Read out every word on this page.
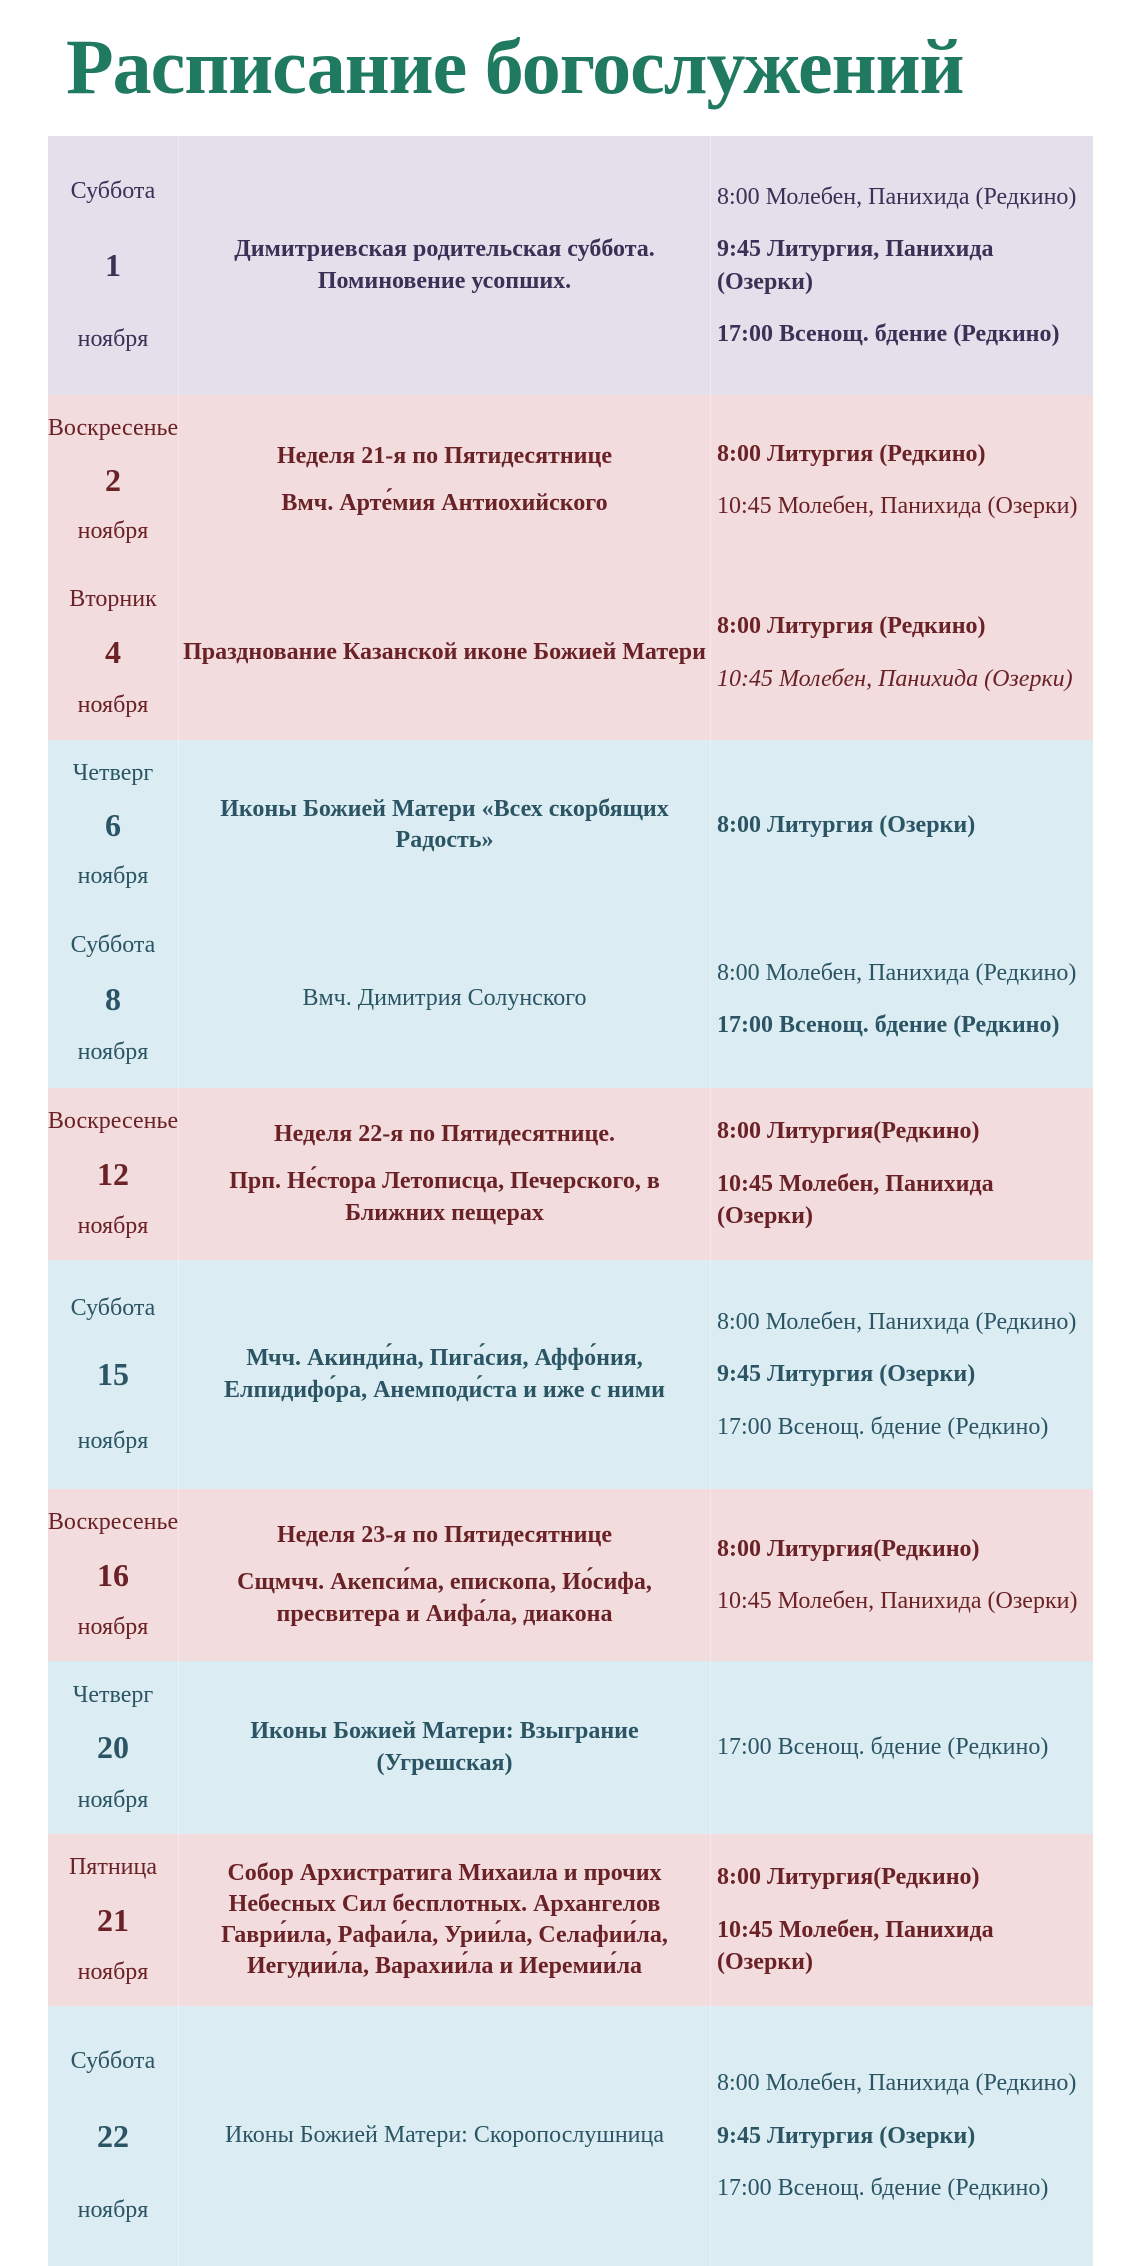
Расписание богослужений
Суббота
1
ноября

Димитриевская родительская суббота. Поминовение усопших.

8:00 Молебен, Панихида (Редкино)

9:45 Литургия, Панихида (Озерки)

17:00 Всенощ. бдение (Редкино)

Воскресенье
2
ноября

Неделя 21-я по Пятидесятнице

Вмч. Арте́мия Антиохийского

8:00 Литургия (Редкино)

10:45 Молебен, Панихида (Озерки)

Вторник
4
ноября

Празднование Казанской иконе Божией Матери

8:00 Литургия (Редкино)

10:45 Молебен, Панихида (Озерки)

Четверг
6
ноября

Иконы Божией Матери «Всех скорбящих Радость»

8:00 Литургия (Озерки)

Суббота
8
ноября

Вмч. Димитрия Солунского

8:00 Молебен, Панихида (Редкино)

17:00 Всенощ. бдение (Редкино)

Воскресенье
12
ноября

Неделя 22-я по Пятидесятнице.

Прп. Не́стора Летописца, Печерского, в Ближних пещерах

8:00 Литургия(Редкино)

10:45 Молебен, Панихида (Озерки)

Суббота
15
ноября

Мчч. Акинди́на, Пига́сия, Аффо́ния, Елпидифо́ра, Анемподи́ста и иже с ними

8:00 Молебен, Панихида (Редкино)

9:45 Литургия (Озерки)

17:00 Всенощ. бдение (Редкино)

Воскресенье
16
ноября

Неделя 23-я по Пятидесятнице

Сщмчч. Акепси́ма, епископа, Ио́сифа, пресвитера и Аифа́ла, диакона

8:00 Литургия(Редкино)

10:45 Молебен, Панихида (Озерки)

Четверг
20
ноября

Иконы Божией Матери: Взыграние (Угрешская)

17:00 Всенощ. бдение (Редкино)

Пятница
21
ноября

Собор Архистратига Михаила и прочих Небесных Сил бесплотных. Архангелов Гаври́ила, Рафаи́ла, Урии́ла, Селафии́ла, Иегудии́ла, Варахии́ла и Иеремии́ла

8:00 Литургия(Редкино)

10:45 Молебен, Панихида (Озерки)

Суббота
22
ноября

Иконы Божией Матери: Скоропослушница

8:00 Молебен, Панихида (Редкино)

9:45 Литургия (Озерки)

17:00 Всенощ. бдение (Редкино)
